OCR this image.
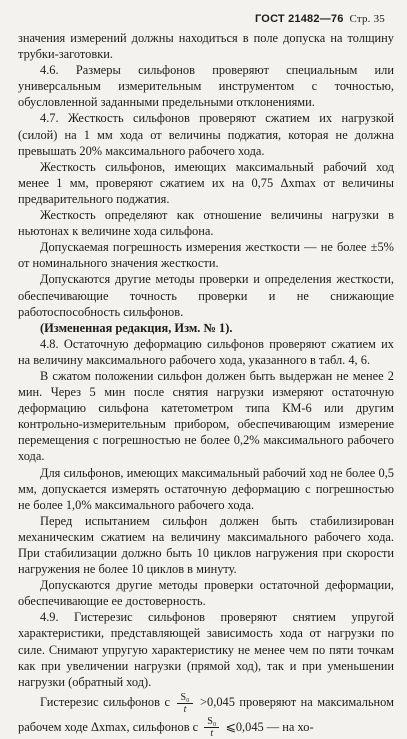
ГОСТ 21482—76 Стр. 35

значения измерений должны находиться в поле допуска на толщину трубки-заготовки.

4.6. Размеры сильфонов проверяют специальным или универсальным измерительным инструментом с точностью, обусловленной заданными предельными отклонениями.

4.7. Жесткость сильфонов проверяют сжатием их нагрузкой (силой) на 1 мм хода от величины поджатия, которая не должна превышать 20% максимального рабочего хода.

Жесткость сильфонов, имеющих максимальный рабочий ход менее 1 мм, проверяют сжатием их на 0,75 Δxmax от величины предварительного поджатия.

Жесткость определяют как отношение величины нагрузки в ньютонах к величине хода сильфона.

Допускаемая погрешность измерения жесткости — не более ±5% от номинального значения жесткости.

Допускаются другие методы проверки и определения жесткости, обеспечивающие точность проверки и не снижающие работоспособность сильфонов.

(Измененная редакция, Изм. № 1).

4.8. Остаточную деформацию сильфонов проверяют сжатием их на величину максимального рабочего хода, указанного в табл. 4, 6.

В сжатом положении сильфон должен быть выдержан не менее 2 мин. Через 5 мин после снятия нагрузки измеряют остаточную деформацию сильфона катетометром типа КМ-6 или другим контрольно-измерительным прибором, обеспечивающим измерение перемещения с погрешностью не более 0,2% максимального рабочего хода.

Для сильфонов, имеющих максимальный рабочий ход не более 0,5 мм, допускается измерять остаточную деформацию с погрешностью не более 1,0% максимального рабочего хода.

Перед испытанием сильфон должен быть стабилизирован механическим сжатием на величину максимального рабочего хода. При стабилизации должно быть 10 циклов нагружения при скорости нагружения не более 10 циклов в минуту.

Допускаются другие методы проверки остаточной деформации, обеспечивающие ее достоверность.

4.9. Гистерезис сильфонов проверяют снятием упругой характеристики, представляющей зависимость хода от нагрузки по силе. Снимают упругую характеристику не менее чем по пяти точкам как при увеличении нагрузки (прямой ход), так и при уменьшении нагрузки (обратный ход).

Гистерезис сильфонов с $\frac{\text{S₀}}{t} >0,045$ проверяют на максимальном рабочем ходе Δxmax, сильфонов с $\frac{\text{S₀}}{t}$ ⩽0,045 — на хо-
